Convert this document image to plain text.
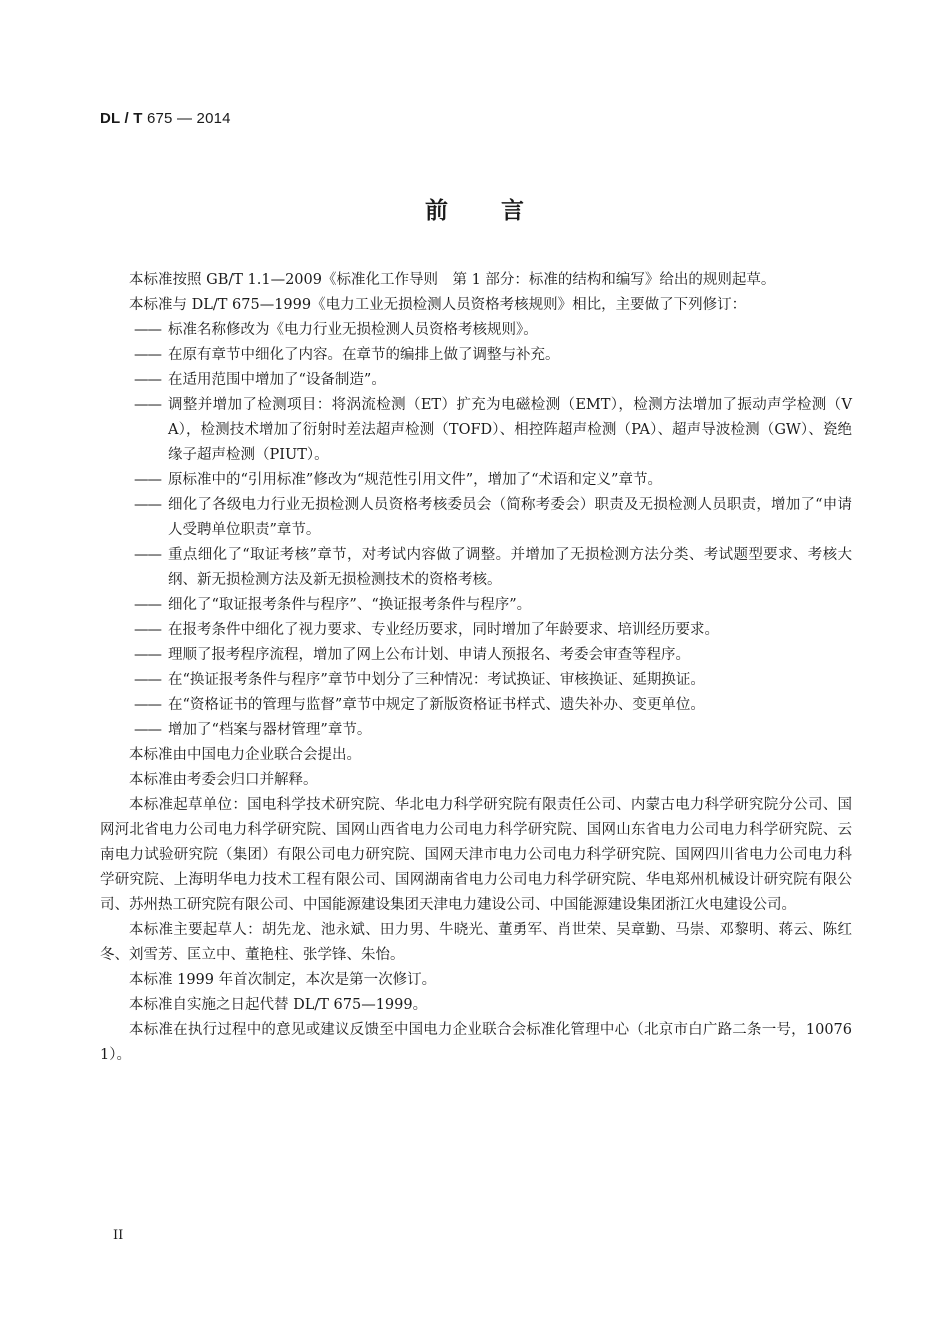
DL / T 675 — 2014
前 言

本标准按照 GB/T 1.1—2009《标准化工作导则　第 1 部分：标准的结构和编写》给出的规则起草。

本标准与 DL/T 675—1999《电力工业无损检测人员资格考核规则》相比，主要做了下列修订：

—— 标准名称修改为《电力行业无损检测人员资格考核规则》。
—— 在原有章节中细化了内容。在章节的编排上做了调整与补充。
—— 在适用范围中增加了“设备制造”。
—— 调整并增加了检测项目：将涡流检测（ET）扩充为电磁检测（EMT），检测方法增加了振动声学检测（VA），检测技术增加了衍射时差法超声检测（TOFD）、相控阵超声检测（PA）、超声导波检测（GW）、瓷绝缘子超声检测（PIUT）。
—— 原标准中的“引用标准”修改为“规范性引用文件”，增加了“术语和定义”章节。
—— 细化了各级电力行业无损检测人员资格考核委员会（简称考委会）职责及无损检测人员职责，增加了“申请人受聘单位职责”章节。
—— 重点细化了“取证考核”章节，对考试内容做了调整。并增加了无损检测方法分类、考试题型要求、考核大纲、新无损检测方法及新无损检测技术的资格考核。
—— 细化了“取证报考条件与程序”、“换证报考条件与程序”。
—— 在报考条件中细化了视力要求、专业经历要求，同时增加了年龄要求、培训经历要求。
—— 理顺了报考程序流程，增加了网上公布计划、申请人预报名、考委会审查等程序。
—— 在“换证报考条件与程序”章节中划分了三种情况：考试换证、审核换证、延期换证。
—— 在“资格证书的管理与监督”章节中规定了新版资格证书样式、遗失补办、变更单位。
—— 增加了“档案与器材管理”章节。

本标准由中国电力企业联合会提出。

本标准由考委会归口并解释。

本标准起草单位：国电科学技术研究院、华北电力科学研究院有限责任公司、内蒙古电力科学研究院分公司、国网河北省电力公司电力科学研究院、国网山西省电力公司电力科学研究院、国网山东省电力公司电力科学研究院、云南电力试验研究院（集团）有限公司电力研究院、国网天津市电力公司电力科学研究院、国网四川省电力公司电力科学研究院、上海明华电力技术工程有限公司、国网湖南省电力公司电力科学研究院、华电郑州机械设计研究院有限公司、苏州热工研究院有限公司、中国能源建设集团天津电力建设公司、中国能源建设集团浙江火电建设公司。

本标准主要起草人：胡先龙、池永斌、田力男、牛晓光、董勇军、肖世荣、吴章勤、马崇、邓黎明、蒋云、陈红冬、刘雪芳、匡立中、董艳柱、张学锋、朱怡。

本标准 1999 年首次制定，本次是第一次修订。

本标准自实施之日起代替 DL/T 675—1999。

本标准在执行过程中的意见或建议反馈至中国电力企业联合会标准化管理中心（北京市白广路二条一号，100761）。

II
